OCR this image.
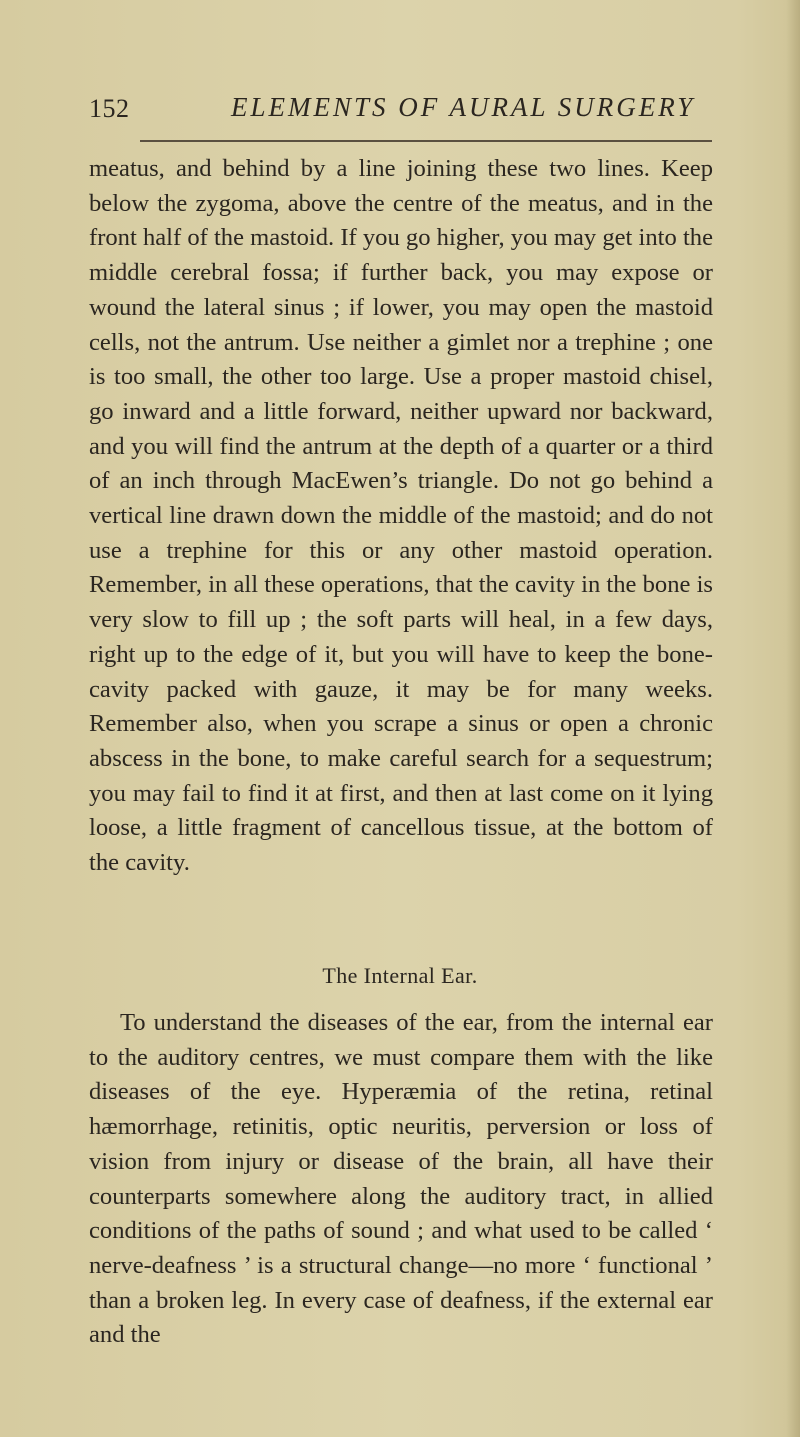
152	ELEMENTS OF AURAL SURGERY

meatus, and behind by a line joining these two lines. Keep below the zygoma, above the centre of the meatus, and in the front half of the mastoid. If you go higher, you may get into the middle cerebral fossa; if further back, you may expose or wound the lateral sinus ; if lower, you may open the mastoid cells, not the antrum. Use neither a gimlet nor a trephine ; one is too small, the other too large. Use a proper mastoid chisel, go inward and a little forward, neither upward nor backward, and you will find the antrum at the depth of a quarter or a third of an inch through MacEwen’s triangle. Do not go behind a vertical line drawn down the middle of the mastoid; and do not use a trephine for this or any other mastoid operation. Remember, in all these operations, that the cavity in the bone is very slow to fill up ; the soft parts will heal, in a few days, right up to the edge of it, but you will have to keep the bone-cavity packed with gauze, it may be for many weeks. Remember also, when you scrape a sinus or open a chronic abscess in the bone, to make careful search for a sequestrum; you may fail to find it at first, and then at last come on it lying loose, a little fragment of cancellous tissue, at the bottom of the cavity.

The Internal Ear.

To understand the diseases of the ear, from the internal ear to the auditory centres, we must compare them with the like diseases of the eye. Hyperæmia of the retina, retinal hæmorrhage, retinitis, optic neuritis, perversion or loss of vision from injury or disease of the brain, all have their counterparts somewhere along the auditory tract, in allied conditions of the paths of sound ; and what used to be called ‘ nerve-deafness ’ is a structural change—no more ‘ functional ’ than a broken leg. In every case of deafness, if the external ear and the
